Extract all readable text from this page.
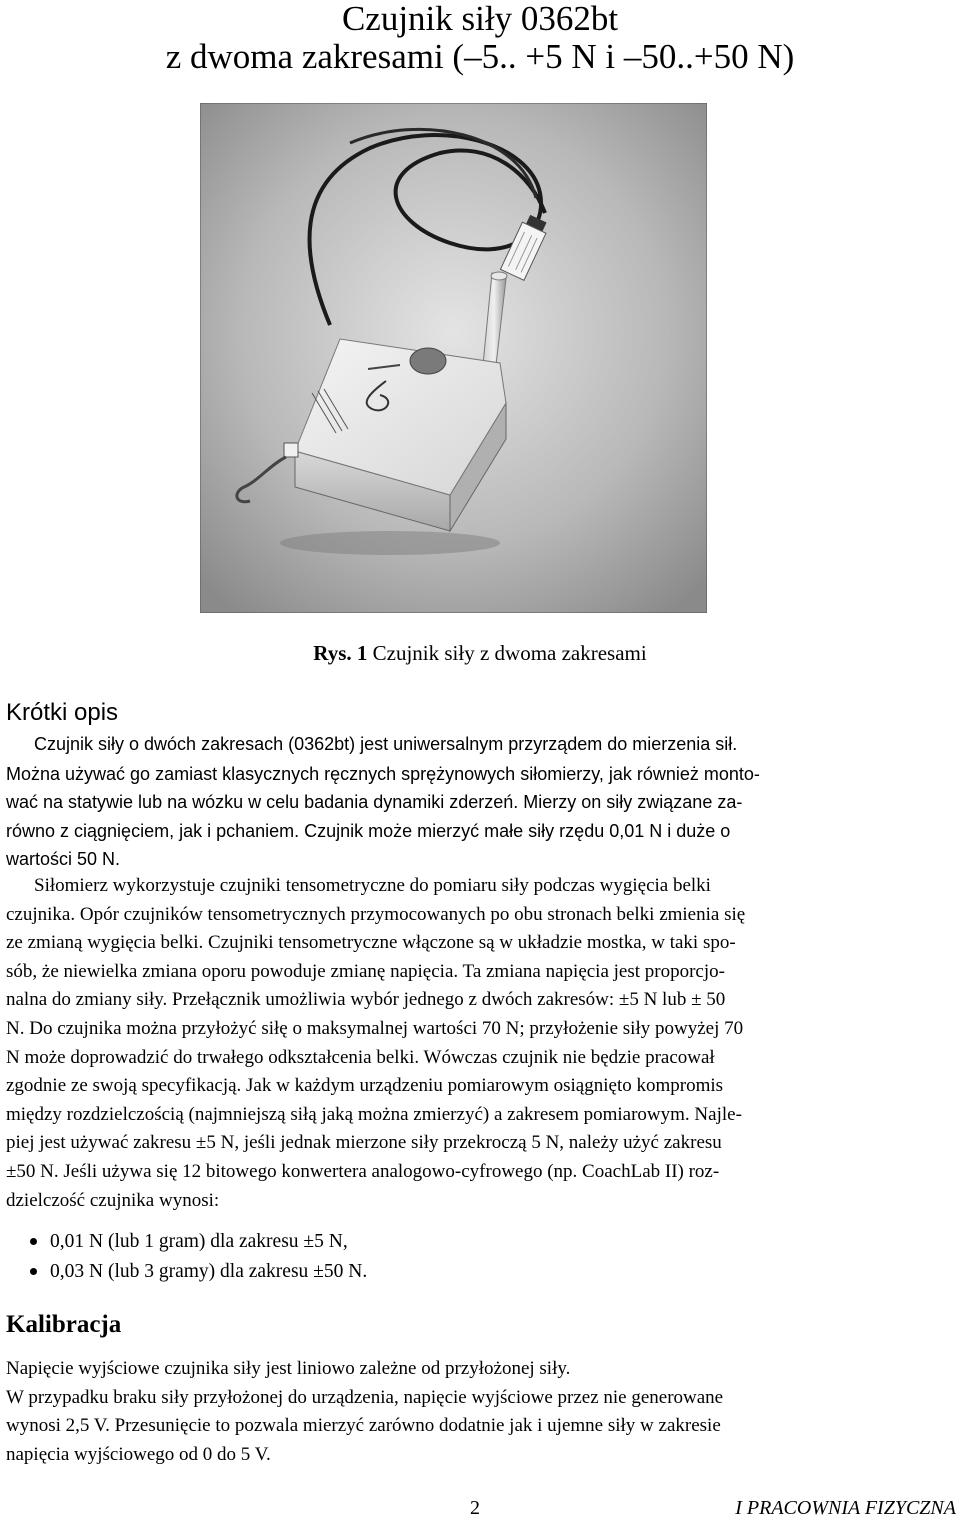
Czujnik siły 0362bt
z dwoma zakresami (–5.. +5 N i –50..+50 N)
Rys. 1 Czujnik siły z dwoma zakresami
Krótki opis
Czujnik siły o dwóch zakresach (0362bt) jest uniwersalnym przyrządem do mierzenia sił.
Można używać go zamiast klasycznych ręcznych sprężynowych siłomierzy, jak również monto-
wać na statywie lub na wózku w celu badania dynamiki zderzeń. Mierzy on siły związane za-
równo z ciągnięciem, jak i pchaniem. Czujnik może mierzyć małe siły rzędu 0,01 N i duże o
wartości 50 N.
Siłomierz wykorzystuje czujniki tensometryczne do pomiaru siły podczas wygięcia belki
czujnika. Opór czujników tensometrycznych przymocowanych po obu stronach belki zmienia się
ze zmianą wygięcia belki. Czujniki tensometryczne włączone są w układzie mostka, w taki spo-
sób, że niewielka zmiana oporu powoduje zmianę napięcia. Ta zmiana napięcia jest proporcjo-
nalna do zmiany siły. Przełącznik umożliwia wybór jednego z dwóch zakresów: ±5 N lub ± 50
N. Do czujnika można przyłożyć siłę o maksymalnej wartości 70 N; przyłożenie siły powyżej 70
N może doprowadzić do trwałego odkształcenia belki. Wówczas czujnik nie będzie pracował
zgodnie ze swoją specyfikacją. Jak w każdym urządzeniu pomiarowym osiągnięto kompromis
między rozdzielczością (najmniejszą siłą jaką można zmierzyć) a zakresem pomiarowym. Najle-
piej jest używać zakresu ±5 N, jeśli jednak mierzone siły przekroczą 5 N, należy użyć zakresu
±50 N. Jeśli używa się 12 bitowego konwertera analogowo-cyfrowego (np. CoachLab II) roz-
dzielczość czujnika wynosi:
0,01 N (lub 1 gram) dla zakresu ±5 N,
0,03 N (lub 3 gramy) dla zakresu ±50 N.
Kalibracja
Napięcie wyjściowe czujnika siły jest liniowo zależne od przyłożonej siły.
W przypadku braku siły przyłożonej do urządzenia, napięcie wyjściowe przez nie generowane
wynosi 2,5 V. Przesunięcie to pozwala mierzyć zarówno dodatnie jak i ujemne siły w zakresie
napięcia wyjściowego od 0 do 5 V.
2	I PRACOWNIA FIZYCZNA
